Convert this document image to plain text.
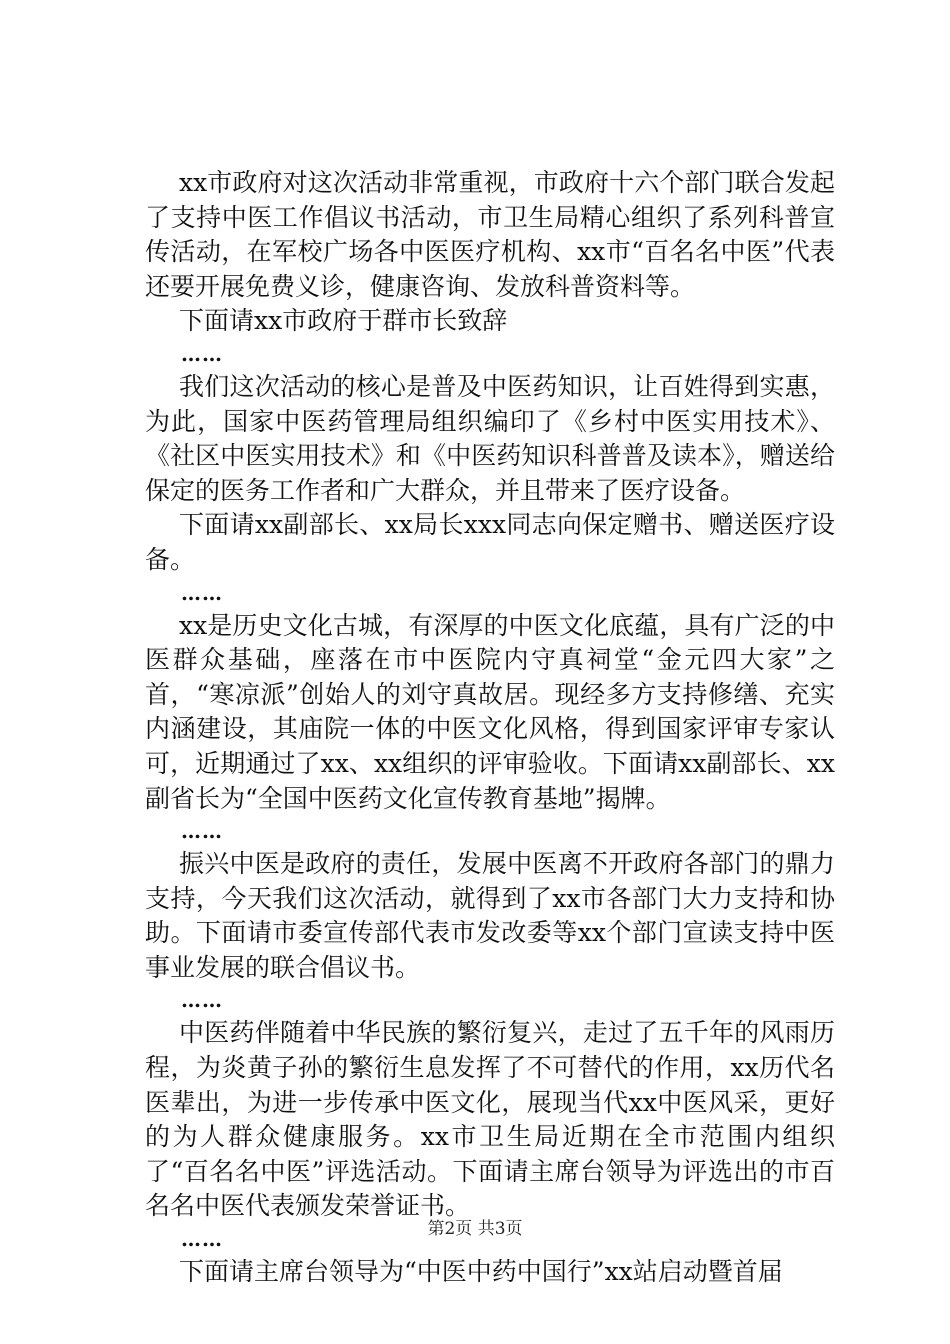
xx市政府对这次活动非常重视，市政府十六个部门联合发起了支持中医工作倡议书活动，市卫生局精心组织了系列科普宣传活动，在军校广场各中医医疗机构、xx市“百名名中医”代表还要开展免费义诊，健康咨询、发放科普资料等。

下面请xx市政府于群市长致辞

……

我们这次活动的核心是普及中医药知识，让百姓得到实惠，为此，国家中医药管理局组织编印了《乡村中医实用技术》、《社区中医实用技术》和《中医药知识科普普及读本》，赠送给保定的医务工作者和广大群众，并且带来了医疗设备。

下面请xx副部长、xx局长xxx同志向保定赠书、赠送医疗设备。

……

xx是历史文化古城，有深厚的中医文化底蕴，具有广泛的中医群众基础，座落在市中医院内守真祠堂“金元四大家”之首，“寒凉派”创始人的刘守真故居。现经多方支持修缮、充实内涵建设，其庙院一体的中医文化风格，得到国家评审专家认可，近期通过了xx、xx组织的评审验收。下面请xx副部长、xx副省长为“全国中医药文化宣传教育基地”揭牌。

……

振兴中医是政府的责任，发展中医离不开政府各部门的鼎力支持，今天我们这次活动，就得到了xx市各部门大力支持和协助。下面请市委宣传部代表市发改委等xx个部门宣读支持中医事业发展的联合倡议书。

……

中医药伴随着中华民族的繁衍复兴，走过了五千年的风雨历程，为炎黄子孙的繁衍生息发挥了不可替代的作用，xx历代名医辈出，为进一步传承中医文化，展现当代xx中医风采，更好的为人群众健康服务。xx市卫生局近期在全市范围内组织了“百名名中医”评选活动。下面请主席台领导为评选出的市百名名中医代表颁发荣誉证书。

……

下面请主席台领导为“中医中药中国行”xx站启动暨首届

第2页 共3页
